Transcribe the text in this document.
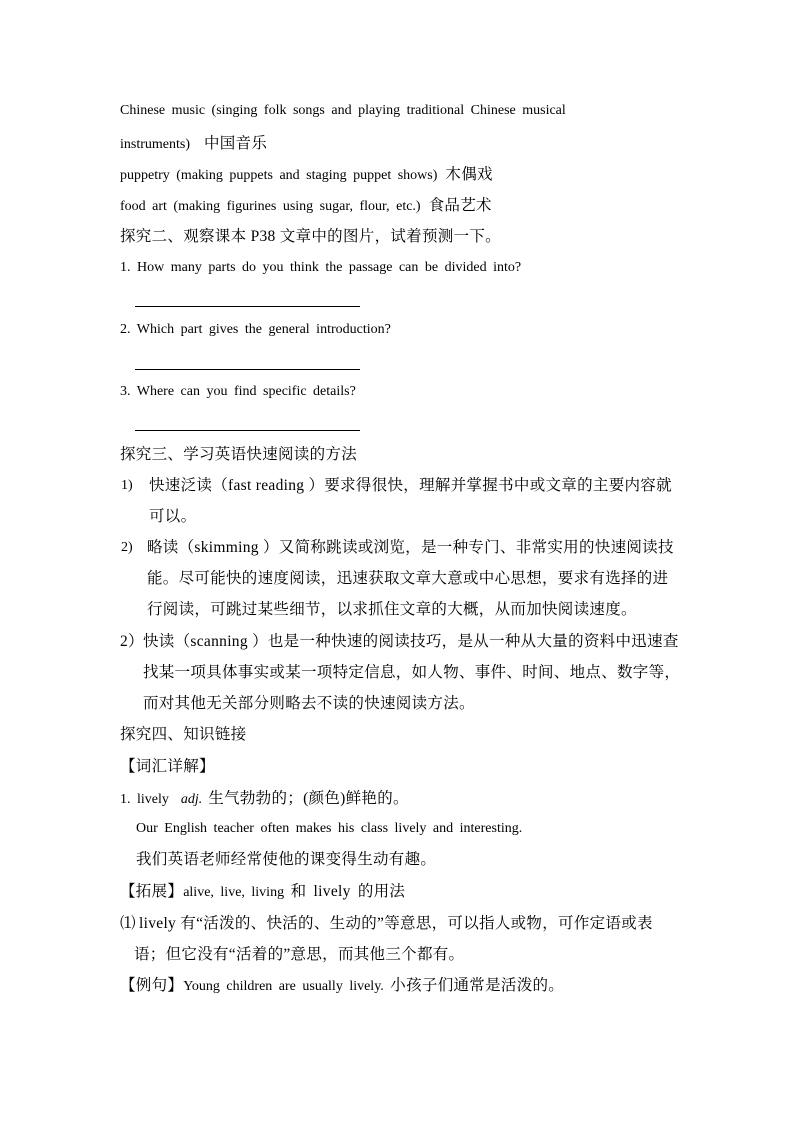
Chinese music (singing folk songs and playing traditional Chinese musical
instruments) 中国音乐
puppetry (making puppets and staging puppet shows) 木偶戏
food art (making figurines using sugar, flour, etc.) 食品艺术
探究二、观察课本 P38 文章中的图片，试着预测一下。
1. How many parts do you think the passage can be divided into?
2. Which part gives the general introduction?
3. Where can you find specific details?
探究三、学习英语快速阅读的方法
1) 快速泛读（fast reading ）要求得很快，理解并掌握书中或文章的主要内容就
可以。
2) 略读（skimming ）又简称跳读或浏览，是一种专门、非常实用的快速阅读技
能。尽可能快的速度阅读，迅速获取文章大意或中心思想，要求有选择的进
行阅读，可跳过某些细节，以求抓住文章的大概，从而加快阅读速度。
2） 快读（scanning ）也是一种快速的阅读技巧，是从一种从大量的资料中迅速查
找某一项具体事实或某一项特定信息，如人物、事件、时间、地点、数字等，
而对其他无关部分则略去不读的快速阅读方法。
探究四、知识链接
【词汇详解】
1. lively adj. 生气勃勃的；(颜色)鲜艳的。
Our English teacher often makes his class lively and interesting.
我们英语老师经常使他的课变得生动有趣。
【拓展】alive, live, living 和 lively 的用法
⑴ lively 有“活泼的、快活的、生动的”等意思，可以指人或物，可作定语或表
语；但它没有“活着的”意思，而其他三个都有。
【例句】Young children are usually lively. 小孩子们通常是活泼的。
